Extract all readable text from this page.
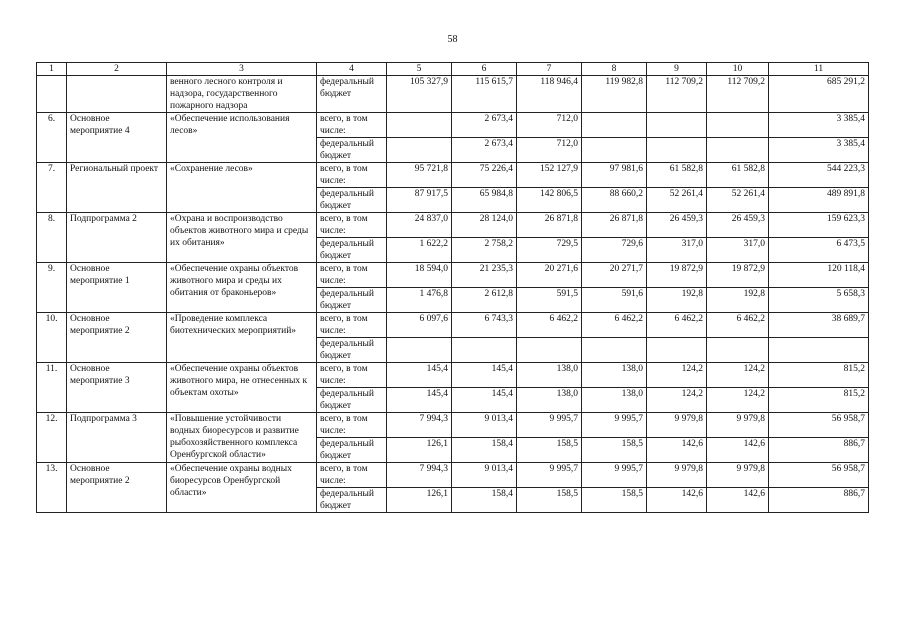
58
1	2	3	4	5	6	7	8	9	10	11
		венного лесного контроля и надзора, государственного пожарного надзора	федеральный бюджет	105 327,9	115 615,7	118 946,4	119 982,8	112 709,2	112 709,2	685 291,2
6.	Основное мероприятие 4	«Обеспечение использования лесов»	всего, в том числе:		2 673,4	712,0				3 385,4
			федеральный бюджет		2 673,4	712,0				3 385,4
7.	Региональный проект	«Сохранение лесов»	всего, в том числе:	95 721,8	75 226,4	152 127,9	97 981,6	61 582,8	61 582,8	544 223,3
			федеральный бюджет	87 917,5	65 984,8	142 806,5	88 660,2	52 261,4	52 261,4	489 891,8
8.	Подпрограмма 2	«Охрана и воспроизводство объектов животного мира и среды их обитания»	всего, в том числе:	24 837,0	28 124,0	26 871,8	26 871,8	26 459,3	26 459,3	159 623,3
			федеральный бюджет	1 622,2	2 758,2	729,5	729,6	317,0	317,0	6 473,5
9.	Основное мероприятие 1	«Обеспечение охраны объектов животного мира и среды их обитания от браконьеров»	всего, в том числе:	18 594,0	21 235,3	20 271,6	20 271,7	19 872,9	19 872,9	120 118,4
			федеральный бюджет	1 476,8	2 612,8	591,5	591,6	192,8	192,8	5 658,3
10.	Основное мероприятие 2	«Проведение комплекса биотехнических мероприятий»	всего, в том числе:	6 097,6	6 743,3	6 462,2	6 462,2	6 462,2	6 462,2	38 689,7
			федеральный бюджет							
11.	Основное мероприятие 3	«Обеспечение охраны объектов животного мира, не отнесенных к объектам охоты»	всего, в том числе:	145,4	145,4	138,0	138,0	124,2	124,2	815,2
			федеральный бюджет	145,4	145,4	138,0	138,0	124,2	124,2	815,2
12.	Подпрограмма 3	«Повышение устойчивости водных биоресурсов и развитие рыбохозяйственного комплекса Оренбургской области»	всего, в том числе:	7 994,3	9 013,4	9 995,7	9 995,7	9 979,8	9 979,8	56 958,7
			федеральный бюджет	126,1	158,4	158,5	158,5	142,6	142,6	886,7
13.	Основное мероприятие 2	«Обеспечение охраны водных биоресурсов Оренбургской области»	всего, в том числе:	7 994,3	9 013,4	9 995,7	9 995,7	9 979,8	9 979,8	56 958,7
			федеральный бюджет	126,1	158,4	158,5	158,5	142,6	142,6	886,7
